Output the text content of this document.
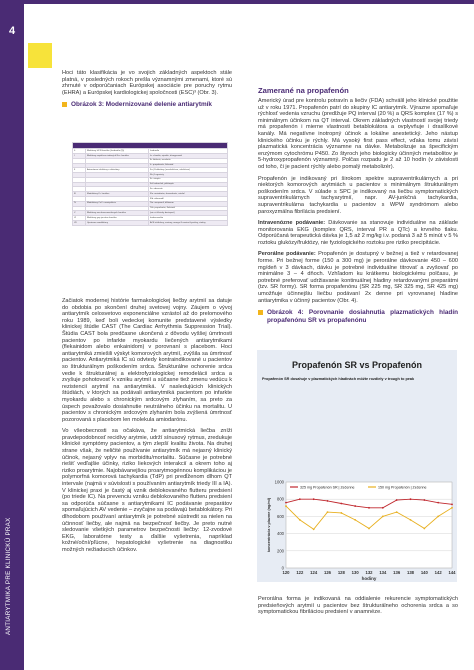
4
ANTIARYTMIKA PRE KLINICKÚ PRAX

Hoci táto klasifikácia je vo svojich základných aspektoch stále platná, v posledných rokoch prešla významnými zmenami, ktoré sú zhrnuté v odporúčaniach Európskej asociácie pre poruchy rytmu (EHRA) a Európskej kardiologickej spoločnosti (ESC)³ (Obr. 3).

Obrázok 3: Modernizované delenie antiarytmík

0	Blokátory HCN kanálov (Ivabradín (If))	Ivabradín
I	Blokátory napäťovo riadených Na+ kanálov	Ia: chinidín, ajmalín, dizopyramid
		Ib: lidokaín, mexiletín
		Ic: propafenón, flekainid
II	Autonómne inhibítory a aktivátory	IIa: β-blokátory (neselektívne, selektívne)
		IIb: β-agonisty
		IIc: atropín
		IId: karbachol, pilokarpín
		IIe: adenozín
III	Modulátory K+ kanálov	IIIa: amiodarón, dronedarón, sotalol
		IIIb: nikorandil
IV	Modulátory Ca2+ manipulácie	IVa: verapamil, diltiazem
		IVb: propafenón, flekainid
V	Blokátory mechanosenzitívnych kanálov	(nie sú klinicky dostupné)
VI	Blokátory gap junction kanálov	karbenoxolón
VII	Upstream modulátory	ACE inhibítory, sartany, omega-3 mastné kyseliny, statíny

Začiatok modernej histórie farmakologickej liečby arytmií sa datuje do obdobia po skončení druhej svetovej vojny. Záujem o vývoj antiarytmík celosvetovo exponenciálne vzrástol až do prelomového roku 1989, keď boli vedeckej komunite predstavené výsledky klinickej štúdie CAST (The Cardiac Arrhythmia Suppression Trial). Štúdia CAST bola predčasne ukončená z dôvodu vyššej úmrtnosti pacientov po infarkte myokardu liečených antiarytmikami (flekainidom alebo enkainidom) v porovnaní s placebom. Hoci antiarytmiká zmiešili výskyt komorových arytmií, zvýšila sa úmrtnosť pacientov. Antiarytmiká IC sú odvtedy kontraindikované u pacientov so štrukturálnym poškodením srdca. Štrukturálne ochorenie srdca vedie k štrukturálnej a elektrofyziologickej remodelácii srdca a zvyšuje pohotovosť k vzniku arytmií a súčasne tiež zmenu vedúcu k rezistencii arytmií na antiarytmiká. V nasledujúcich klinických štúdiách, v ktorých sa podávali antiarytmiká pacientom po infarkte myokardu alebo s chronickým srdcovým zlyhaním, sa preto za úspech považovalo dosiahnutie neutrálneho účinku na mortalitu. U pacientov s chronickým srdcovým zlyhaním bola zvýšená úmrtnosť pozorovaná s placebom len molekula amiodarónu.

Vo všeobecnosti sa očakáva, že antiarytmická liečba zníži pravdepodobnosť recidívy arytmie, udrží sínusový rytmus, zredukuje klinické symptómy pacientov, a tým zlepší kvalitu života. Na druhej strane však, že neličité používanie antiarytmík má nejasný klinický účinok, nejasný vplyv na morbiditu/mortalitu. Súčasne je potrebné riešiť vedľajšie účinky, riziko liekových interakcií a okrem toho aj riziko proarytmie. Najobávanejšou proarytmogénnou komplikáciou je polymorfná komorová tachykardia (TdP) pri predĺženom dlhom QT intervale (najmä v súvislosti s používaním antiarytmík triedy III a IA). V klinickej praxi je častý aj vznik deblokovaného flutteru predsiení (po triede IC). Na prevenciu vzniku deblokovaného flutteru predsiení sa odporúča súčasne s antiarytmikami IC podávanie preparátov spomaľujúcich AV vedenie – zvyčajne sa podávajú betablokátory. Pri dlhodobom používaní antiarytmík je potrebné sústredit sa nielen na účinnosť liečby, ale najmä na bezpečnosť liečby. Je preto nutné sledovanie všetkých parametrov bezpečnosti liečby: 12-zvodové EKG, laboratórne testy a ďalšie vyšetrenia, napríklad kožné/oční/pľúcne, hepatologické vyšetrenie na diagnostiku možných nežiaducich účinkov.

Zamerané na propafenón

Americký úrad pre kontrolu potravín a liečiv (FDA) schválil jeho klinické použitie už v roku 1971. Propafenón patrí do skupiny IC antiarytmík. Výrazne spomaľuje rýchlosť vedenia vzruchu (predlžuje PQ interval (20 %) a QRS komplex (17 %) s minimálnym účinkom na QT interval. Okrem základných vlastností svojej triedy má propafenón i mierne vlastnosti betablokátora a ovplyvňuje i draslíkové kanály. Má negatívne inotropný účinok a lokálne anestetický. Jeho nástup klinického účinku je rýchly. Má vysoký first pass effect, vďaka tomu závisí plazmatická koncentrácia významne na dávke. Metabolizuje sa špecifickým enzýmom cytochrómu P450. Zo štyroch jeho biologicky účinných metabolitov je 5-hydroxypropafenón významný. Polčas rozpadu je 2 až 10 hodín (v závislosti od toho, či je pacient rýchly alebo pomalý metabolizér).

Propafenón je indikovaný pri širokom spektre supraventrikulárnych a pri niektorých komorových arytmiách u pacientov s minimálnym štrukturálnym poškodením srdca. V súlade s SPC je indikovaný na liečbu symptomatických supraventrikulárnych tachyarytmií, napr. AV-junkčná tachykardia, supraventrikulárna tachykardia u pacientov s WPW syndrómom alebo paroxyzmálna fibrilácia predsiení.

Intravenózne podávanie: Dávkovanie sa stanovuje individuálne na základe monitorovania EKG (komplex QRS, interval PR a QTc) a krvného tlaku. Odporúčaná terapeutická dávka je 1,5 až 2 mg/kg i.v. podaná 3 až 5 minút v 5 % roztoku glukózy/fruktózy, nie fyziologického roztoku pre riziko precipitácie.

Perorálne podávanie: Propafenón je dostupný v bežnej a tiež v retardovanej forme. Pri bežnej forme (150 a 300 mg) je perorálne dávkovanie 450 – 600 mg/deň v 3 dávkach, dávku je potrebné individuálne titrovať a zvyšovať po minimálne 3 – 4 dňoch. Vzhľadom ku krátkemu biologickému polčasu, je potrebné preferovať udržiavanie kontinuálnej hladiny retardovanými preparátmi (tzv. SR formy). SR forma propafenónu (SR 225 mg, SR 325 mg, SR 425 mg) umožňuje účinnejšiu liečbu podávaní 2x denne pri vyrovnanej hladine antiarytmika v účinný pacientov (Obr. 4).

Obrázok 4: Porovnanie dosiahnutia plazmatických hladín propafenónu SR vs propafenónu
Propafenón SR vs Propafenón
Propafenón SR dosahuje v plazmatických hladinách môžte rozdiely v trough to peak
0
200
400
600
800
1000
120 122 124 126 128 130 132 134 136 138 140 142 144
hodiny
koncentrácia v plazme (ng/ml)
325 mg Propafenón SR | Zečenne	150 mg Propafenón | Zečenne

Perorálna forma je indikovaná na oddialenie rekurencie symptomatických predsieňových arytmií u pacientov bez štrukturálneho ochorenia srdca a so symptomatickou fibriláciou predsiení v anamnéze.
